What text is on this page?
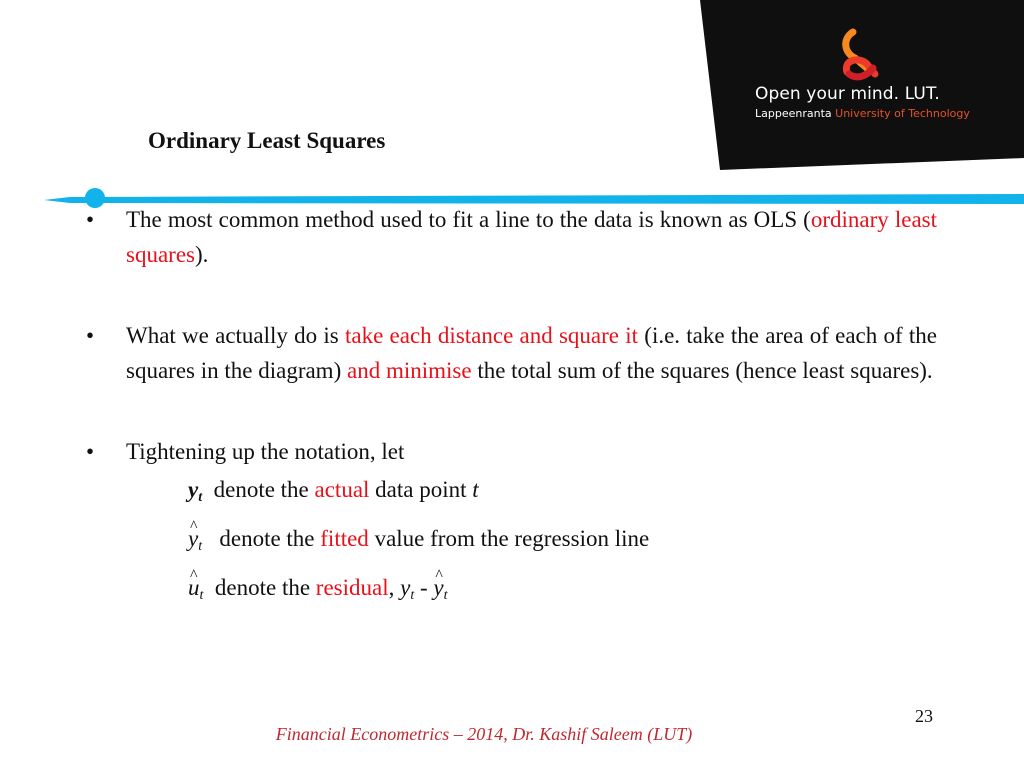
Open your mind. LUT.
Lappeenranta University of Technology
Ordinary Least Squares
• The most common method used to fit a line to the data is known as OLS (ordinary least squares).
• What we actually do is take each distance and square it (i.e. take the area of each of the squares in the diagram) and minimise the total sum of the squares (hence least squares).
• Tightening up the notation, let
$y_t$ denote the actual data point t
^ $y_t$ denote the fitted value from the regression line
^ $u_t$ denote the residual, $y_t$ - ^ $y_t$
23
Financial Econometrics – 2014, Dr. Kashif Saleem (LUT)
